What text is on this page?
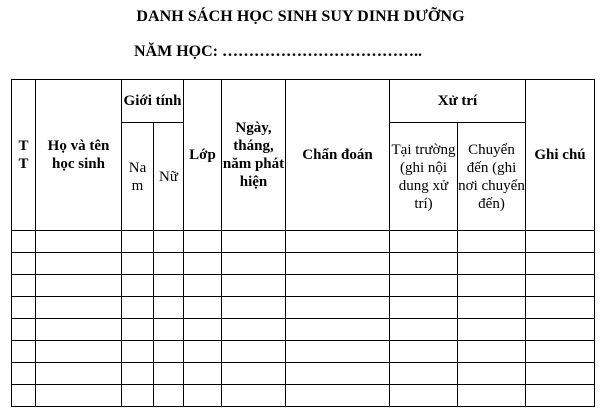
DANH SÁCH HỌC SINH SUY DINH DƯỠNG
NĂM HỌC: ………………………………..
T T	Họ và tên học sinh	Giới tính		Lớp	Ngày, tháng, năm phát hiện	Chẩn đoán	Xử trí		Ghi chú
		Na m	Nữ				Tại trường (ghi nội dung xử trí)	Chuyển đến (ghi nơi chuyển đến)	
